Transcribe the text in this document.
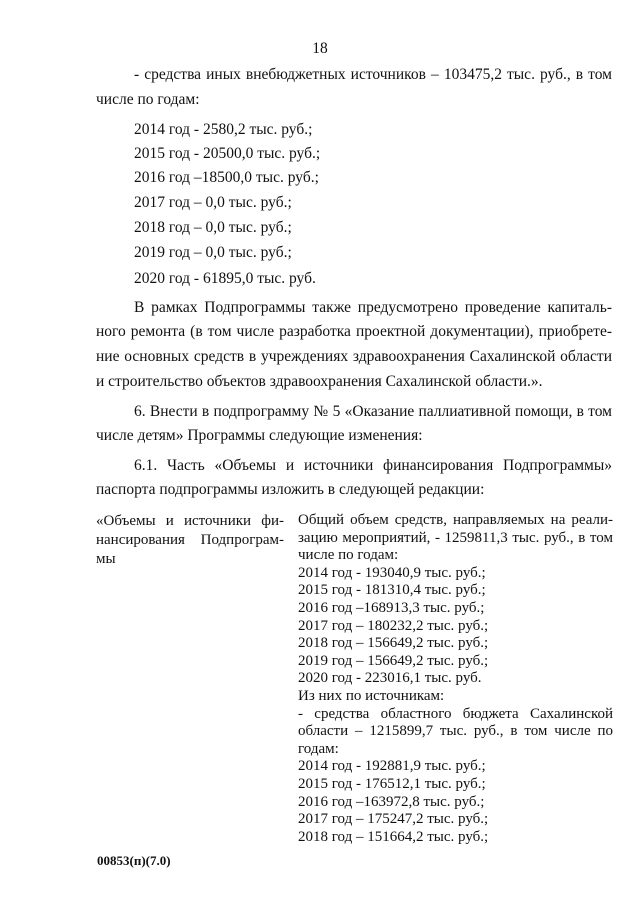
18
- средства иных внебюджетных источников – 103475,2 тыс. руб., в том
числе по годам:
2014 год - 2580,2 тыс. руб.;
2015 год - 20500,0 тыс. руб.;
2016 год –18500,0 тыс. руб.;
2017 год – 0,0 тыс. руб.;
2018 год – 0,0 тыс. руб.;
2019 год – 0,0 тыс. руб.;
2020 год - 61895,0 тыс. руб.
В рамках Подпрограммы также предусмотрено проведение капиталь-
ного ремонта (в том числе разработка проектной документации), приобрете-
ние основных средств в учреждениях здравоохранения Сахалинской области
и строительство объектов здравоохранения Сахалинской области.».
6. Внести в подпрограмму № 5 «Оказание паллиативной помощи, в том
числе детям» Программы следующие изменения:
6.1. Часть «Объемы и источники финансирования Подпрограммы»
паспорта подпрограммы изложить в следующей редакции:
«Объемы и источники фи-
нансирования Подпрограм-
мы
Общий объем средств, направляемых на реали-
зацию мероприятий, - 1259811,3 тыс. руб., в том
числе по годам:
2014 год - 193040,9 тыс. руб.;
2015 год - 181310,4 тыс. руб.;
2016 год –168913,3 тыс. руб.;
2017 год – 180232,2 тыс. руб.;
2018 год – 156649,2 тыс. руб.;
2019 год – 156649,2 тыс. руб.;
2020 год - 223016,1 тыс. руб.
Из них по источникам:
- средства областного бюджета Сахалинской
области – 1215899,7 тыс. руб., в том числе по
годам:
2014 год - 192881,9 тыс. руб.;
2015 год - 176512,1 тыс. руб.;
2016 год –163972,8 тыс. руб.;
2017 год – 175247,2 тыс. руб.;
2018 год – 151664,2 тыс. руб.;
00853(п)(7.0)
